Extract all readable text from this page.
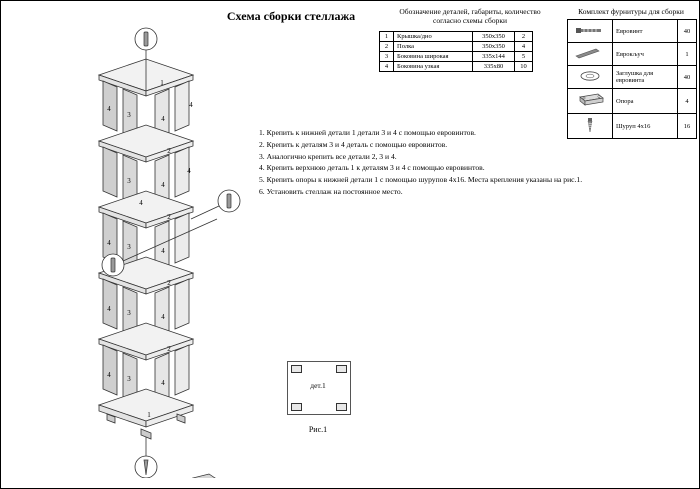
Схема сборки стеллажа	Обозначение деталей, габариты, количество
согласно схемы сборки
1	Крышка/дно	350х350	2
2	Полка	350х350	4
3	Боковина широкая	335х144	5
4	Боковина узкая	335х80	10
Комплект фурнитуры для сборки
	Евровинт	40
	Еврокључ	1
	Заглушка для евровинта	40
	Опора	4
	Шуруп 4х16	16
1. Крепить к нижней детали 1 детали 3 и 4 с помощью евровинтов.
2. Крепить к деталям 3 и 4 деталь с помощью евровинтов.
3. Аналогично крепить все детали 2, 3 и 4.
4. Крепить верхнюю деталь 1 к деталям 3 и 4 с помощью евровинтов.
5. Крепить опоры к нижней детали 1 с помощью шурупов 4х16. Места крепления указаны на рис.1.
6. Установить стеллаж на постоянное место.
дет.1
Рис.1
1
3	4
4	4
2
3	4
4
4
2
3	4
4
2
3	4
4
2
3	4
4
1
